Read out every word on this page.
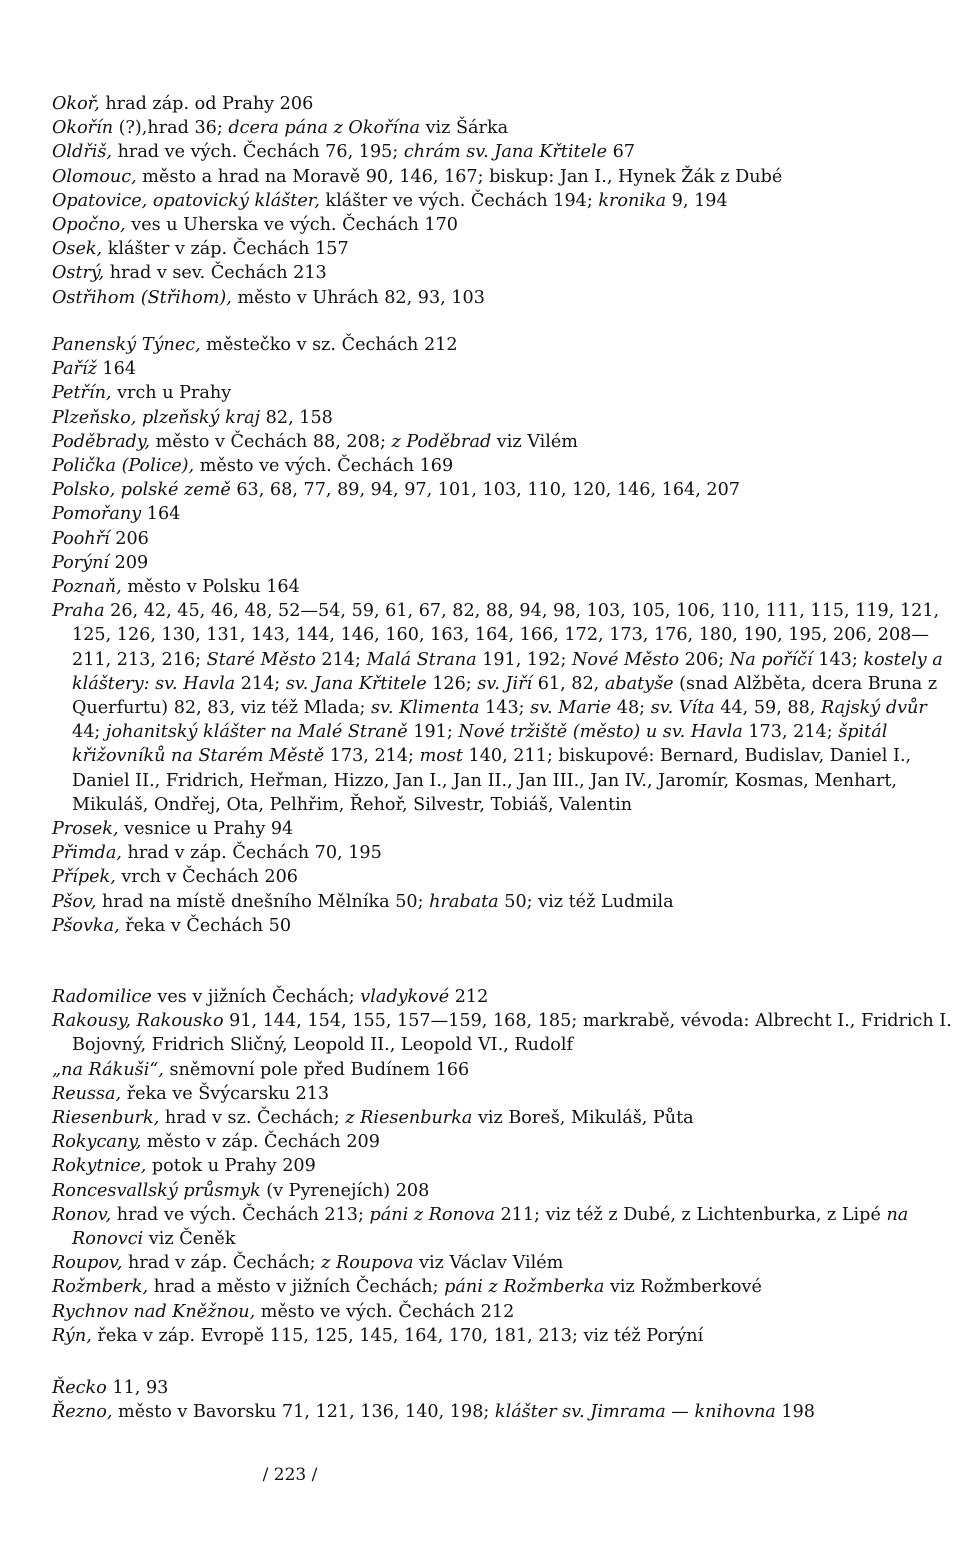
Okoř, hrad záp. od Prahy 206
Okořín (?),hrad 36; dcera pána z Okořína viz Šárka
Oldřiš, hrad ve vých. Čechách 76, 195; chrám sv. Jana Křtitele 67
Olomouc, město a hrad na Moravě 90, 146, 167; biskup: Jan I., Hynek Žák z Dubé
Opatovice, opatovický klášter, klášter ve vých. Čechách 194; kronika 9, 194
Opočno, ves u Uherska ve vých. Čechách 170
Osek, klášter v záp. Čechách 157
Ostrý, hrad v sev. Čechách 213
Ostřihom (Střihom), město v Uhrách 82, 93, 103
Panenský Týnec, městečko v sz. Čechách 212
Paříž 164
Petřín, vrch u Prahy
Plzeňsko, plzeňský kraj 82, 158
Poděbrady, město v Čechách 88, 208; z Poděbrad viz Vilém
Polička (Police), město ve vých. Čechách 169
Polsko, polské země 63, 68, 77, 89, 94, 97, 101, 103, 110, 120, 146, 164, 207
Pomořany 164
Poohří 206
Porýní 209
Poznaň, město v Polsku 164
Praha 26, 42, 45, 46, 48, 52—54, 59, 61, 67, 82, 88, 94, 98, 103, 105, 106, 110, 111, 115, 119, 121, 125, 126, 130, 131, 143, 144, 146, 160, 163, 164, 166, 172, 173, 176, 180, 190, 195, 206, 208—211, 213, 216; Staré Město 214; Malá Strana 191, 192; Nové Město 206; Na poříčí 143; kostely a kláštery: sv. Havla 214; sv. Jana Křtitele 126; sv. Jiří 61, 82, abatyše (snad Alžběta, dcera Bruna z Querfurtu) 82, 83, viz též Mlada; sv. Klimenta 143; sv. Marie 48; sv. Víta 44, 59, 88, Rajský dvůr 44; johanitský klášter na Malé Straně 191; Nové tržiště (město) u sv. Havla 173, 214; špitál křižovníků na Starém Městě 173, 214; most 140, 211; biskupové: Bernard, Budislav, Daniel I., Daniel II., Fridrich, Heřman, Hizzo, Jan I., Jan II., Jan III., Jan IV., Jaromír, Kosmas, Menhart, Mikuláš, Ondřej, Ota, Pelhřim, Řehoř, Silvestr, Tobiáš, Valentin
Prosek, vesnice u Prahy 94
Přimda, hrad v záp. Čechách 70, 195
Přípek, vrch v Čechách 206
Pšov, hrad na místě dnešního Mělníka 50; hrabata 50; viz též Ludmila
Pšovka, řeka v Čechách 50
Radomilice ves v jižních Čechách; vladykové 212
Rakousy, Rakousko 91, 144, 154, 155, 157—159, 168, 185; markrabě, vévoda: Albrecht I., Fridrich I. Bojovný, Fridrich Sličný, Leopold II., Leopold VI., Rudolf
„na Rákuši“, sněmovní pole před Budínem 166
Reussa, řeka ve Švýcarsku 213
Riesenburk, hrad v sz. Čechách; z Riesenburka viz Boreš, Mikuláš, Půta
Rokycany, město v záp. Čechách 209
Rokytnice, potok u Prahy 209
Roncesvallský průsmyk (v Pyrenejích) 208
Ronov, hrad ve vých. Čechách 213; páni z Ronova 211; viz též z Dubé, z Lichtenburka, z Lipé na Ronovci viz Čeněk
Roupov, hrad v záp. Čechách; z Roupova viz Václav Vilém
Rožmberk, hrad a město v jižních Čechách; páni z Rožmberka viz Rožmberkové
Rychnov nad Kněžnou, město ve vých. Čechách 212
Rýn, řeka v záp. Evropě 115, 125, 145, 164, 170, 181, 213; viz též Porýní
Řecko 11, 93
Řezno, město v Bavorsku 71, 121, 136, 140, 198; klášter sv. Jimrama — knihovna 198
/ 223 /
